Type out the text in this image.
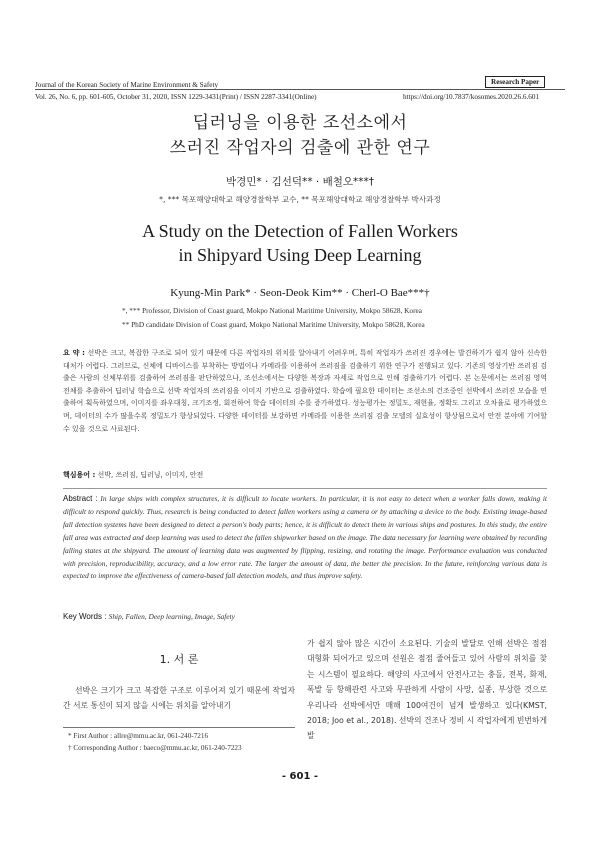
Journal of the Korean Society of Marine Environment & Safety	Research Paper
Vol. 26, No. 6, pp. 601-605, October 31, 2020, ISSN 1229-3431(Print) / ISSN 2287-3341(Online)	https://doi.org/10.7837/kosomes.2020.26.6.601
딥러닝을 이용한 조선소에서
쓰러진 작업자의 검출에 관한 연구
박경민* · 김선덕** · 배철오***†
*, *** 목포해양대학교 해양경찰학부 교수, ** 목포해양대학교 해양경찰학부 박사과정
A Study on the Detection of Fallen Workers
in Shipyard Using Deep Learning
Kyung-Min Park* · Seon-Deok Kim** · Cherl-O Bae***†
*, *** Professor, Division of Coast guard, Mokpo National Maritime University, Mokpo 58628, Korea
** PhD candidate Division of Coast guard, Mokpo National Maritime University, Mokpo 58628, Korea
요 약 : 선박은 크고, 복잡한 구조로 되어 있기 때문에 다른 작업자의 위치를 알아내기 어려우며, 특히 작업자가 쓰러진 경우에는 발견하기가 쉽지 않아 신속한 대처가 어렵다. 그러므로, 신체에 디바이스를 부착하는 방법이나 카메라를 이용하여 쓰러짐을 검출하기 위한 연구가 진행되고 있다. 기존의 영상기반 쓰러짐 검출은 사람의 신체부위를 검출하여 쓰러짐을 판단하였으나, 조선소에서는 다양한 복장과 자세로 작업으로 인해 검출하기가 어렵다. 본 논문에서는 쓰러짐 영역 전체를 추출하여 딥러닝 학습으로 선박 작업자의 쓰러짐을 이미지 기반으로 검출하였다. 학습에 필요한 데이터는 조선소의 건조중인 선박에서 쓰러진 모습을 연출하여 획득하였으며, 이미지를 좌우대칭, 크기조정, 회전하여 학습 데이터의 수를 증가하였다. 성능평가는 정밀도, 재현율, 정확도 그리고 오차율로 평가하였으며, 데이터의 수가 많을수록 정밀도가 향상되었다. 다양한 데이터를 보강하면 카메라를 이용한 쓰러짐 검출 모델의 실효성이 향상됨으로서 안전 분야에 기여할 수 있을 것으로 사료된다.
핵심용어 : 선박, 쓰러짐, 딥러닝, 이미지, 안전
Abstract : In large ships with complex structures, it is difficult to locate workers. In particular, it is not easy to detect when a worker falls down, making it difficult to respond quickly. Thus, research is being conducted to detect fallen workers using a camera or by attaching a device to the body. Existing image-based fall detection systems have been designed to detect a person's body parts; hence, it is difficult to detect them in various ships and postures. In this study, the entire fall area was extracted and deep learning was used to detect the fallen shipworker based on the image. The data necessary for learning were obtained by recording falling states at the shipyard. The amount of learning data was augmented by flipping, resizing, and rotating the image. Performance evaluation was conducted with precision, reproducibility, accuracy, and a low error rate. The larger the amount of data, the better the precision. In the future, reinforcing various data is expected to improve the effectiveness of camera-based fall detection models, and thus improve safety.
Key Words : Ship, Fallen, Deep learning, Image, Safety
1. 서 론
선박은 크기가 크고 복잡한 구조로 이루어져 있기 때문에 작업자 간 서로 통신이 되지 않을 시에는 위치를 알아내기
* First Author : allre@mmu.ac.kr, 061-240-7216
† Corresponding Author : baeco@mmu.ac.kr, 061-240-7223
가 쉽지 않아 많은 시간이 소요된다. 기술의 발달로 인해 선박은 점점 대형화 되어가고 있으며 선원은 점점 줄어들고 있어 사람의 위치를 찾는 시스템이 필요하다. 해양의 사고에서 안전사고는 충돌, 전복, 화재, 폭발 등 항해관련 사고와 무관하게 사람이 사망, 실종, 부상한 것으로 우리나라 선박에서만 매해 100여건이 넘게 발생하고 있다(KMST, 2018; Joo et al., 2018). 선박의 건조나 정비 시 작업자에게 빈번하게 발
- 601 -
